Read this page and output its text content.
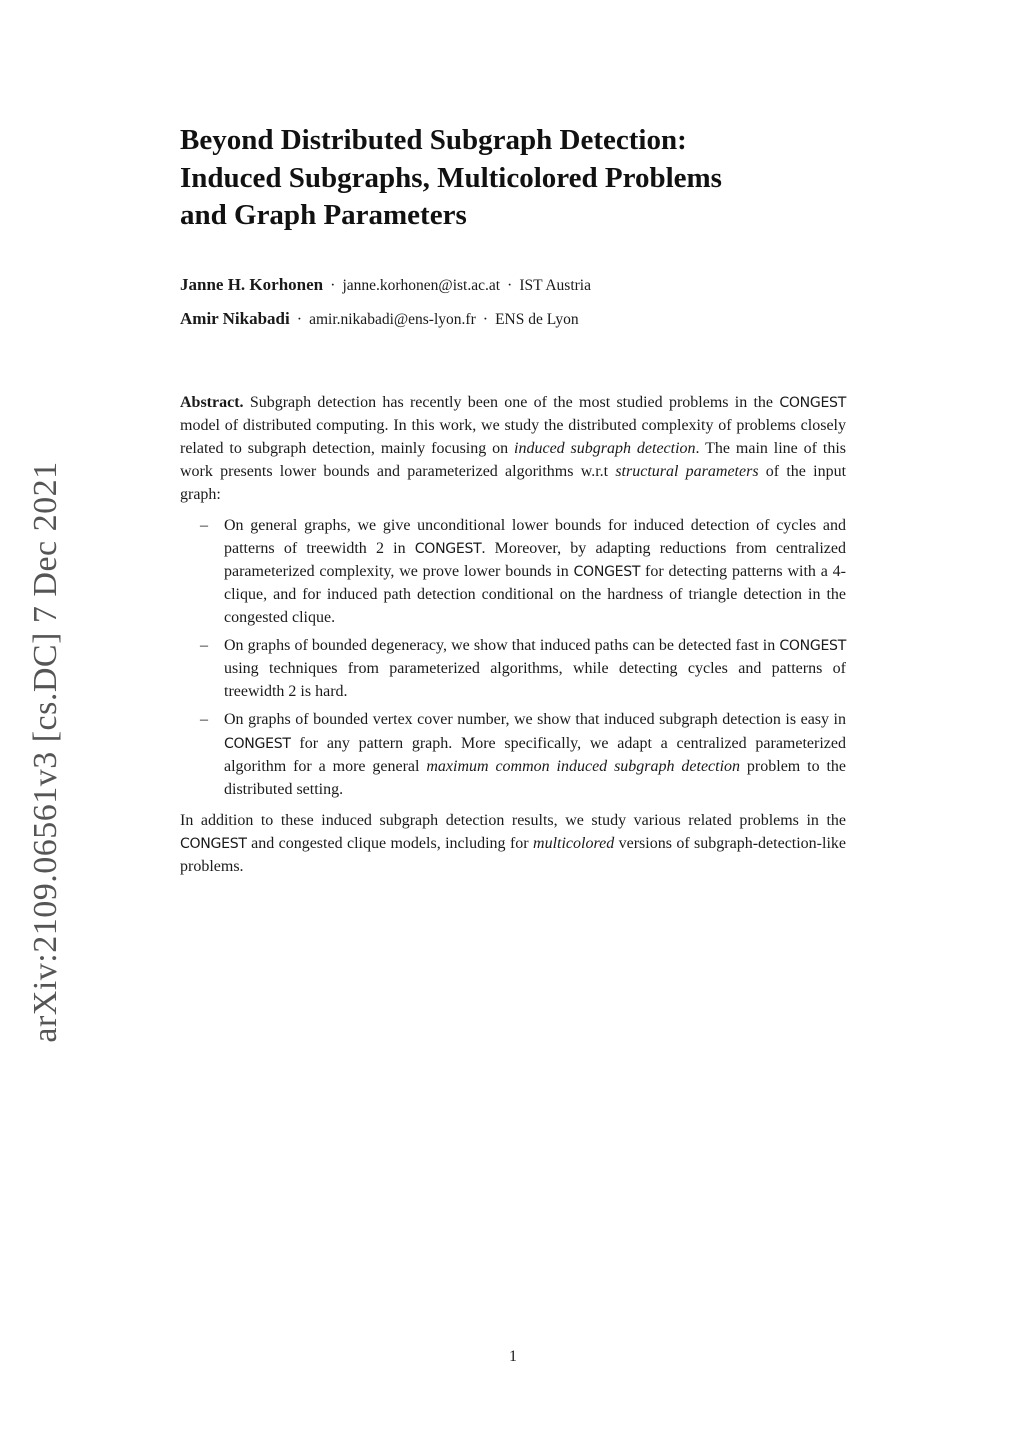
arXiv:2109.06561v3 [cs.DC] 7 Dec 2021
Beyond Distributed Subgraph Detection:
Induced Subgraphs, Multicolored Problems
and Graph Parameters
Janne H. Korhonen · janne.korhonen@ist.ac.at · IST Austria
Amir Nikabadi · amir.nikabadi@ens-lyon.fr · ENS de Lyon

Abstract. Subgraph detection has recently been one of the most studied problems in the CONGEST model of distributed computing. In this work, we study the distributed complexity of problems closely related to subgraph detection, mainly focusing on induced subgraph detection. The main line of this work presents lower bounds and parameterized algorithms w.r.t structural parameters of the input graph:

–	On general graphs, we give unconditional lower bounds for induced detection of cycles and patterns of treewidth 2 in CONGEST. Moreover, by adapting reductions from centralized parameterized complexity, we prove lower bounds in CONGEST for detecting patterns with a 4-clique, and for induced path detection conditional on the hardness of triangle detection in the congested clique.
–	On graphs of bounded degeneracy, we show that induced paths can be detected fast in CONGEST using techniques from parameterized algorithms, while detecting cycles and patterns of treewidth 2 is hard.
–	On graphs of bounded vertex cover number, we show that induced subgraph detection is easy in CONGEST for any pattern graph. More specifically, we adapt a centralized parameterized algorithm for a more general maximum common induced subgraph detection problem to the distributed setting.

In addition to these induced subgraph detection results, we study various related problems in the CONGEST and congested clique models, including for multicolored versions of subgraph-detection-like problems.

1
